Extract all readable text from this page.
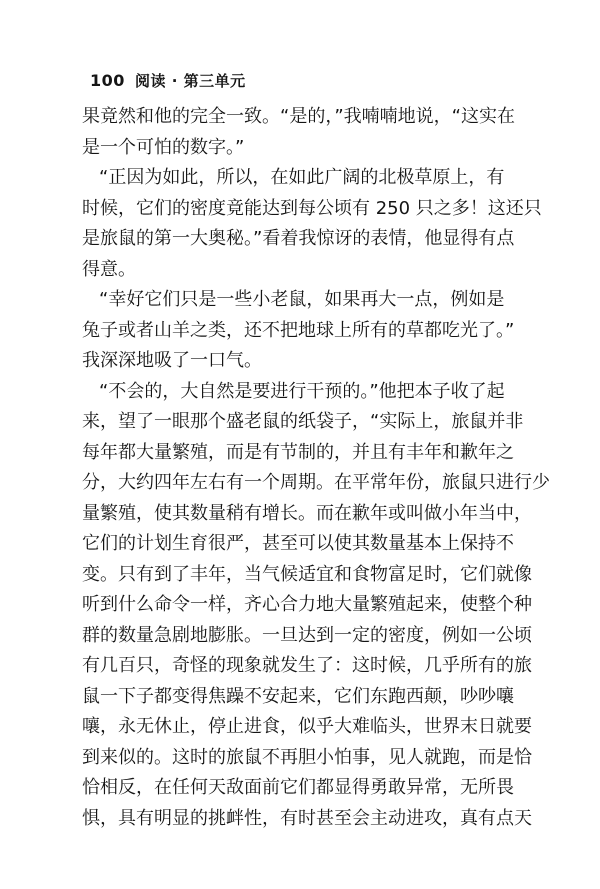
100 阅读 · 第三单元
果竟然和他的完全一致。“是的，”我喃喃地说，“这实在
是一个可怕的数字。”
“正因为如此，所以，在如此广阔的北极草原上，有
时候，它们的密度竟能达到每公顷有 250 只之多！这还只
是旅鼠的第一大奥秘。”看着我惊讶的表情，他显得有点
得意。
“幸好它们只是一些小老鼠，如果再大一点，例如是
兔子或者山羊之类，还不把地球上所有的草都吃光了。”
我深深地吸了一口气。
“不会的，大自然是要进行干预的。”他把本子收了起
来，望了一眼那个盛老鼠的纸袋子，“实际上，旅鼠并非
每年都大量繁殖，而是有节制的，并且有丰年和歉年之
分，大约四年左右有一个周期。在平常年份，旅鼠只进行少
量繁殖，使其数量稍有增长。而在歉年或叫做小年当中，
它们的计划生育很严，甚至可以使其数量基本上保持不
变。只有到了丰年，当气候适宜和食物富足时，它们就像
听到什么命令一样，齐心合力地大量繁殖起来，使整个种
群的数量急剧地膨胀。一旦达到一定的密度，例如一公顷
有几百只，奇怪的现象就发生了：这时候，几乎所有的旅
鼠一下子都变得焦躁不安起来，它们东跑西颠，吵吵嚷
嚷，永无休止，停止进食，似乎大难临头，世界末日就要
到来似的。这时的旅鼠不再胆小怕事，见人就跑，而是恰
恰相反，在任何天敌面前它们都显得勇敢异常，无所畏
惧，具有明显的挑衅性，有时甚至会主动进攻，真有点天
